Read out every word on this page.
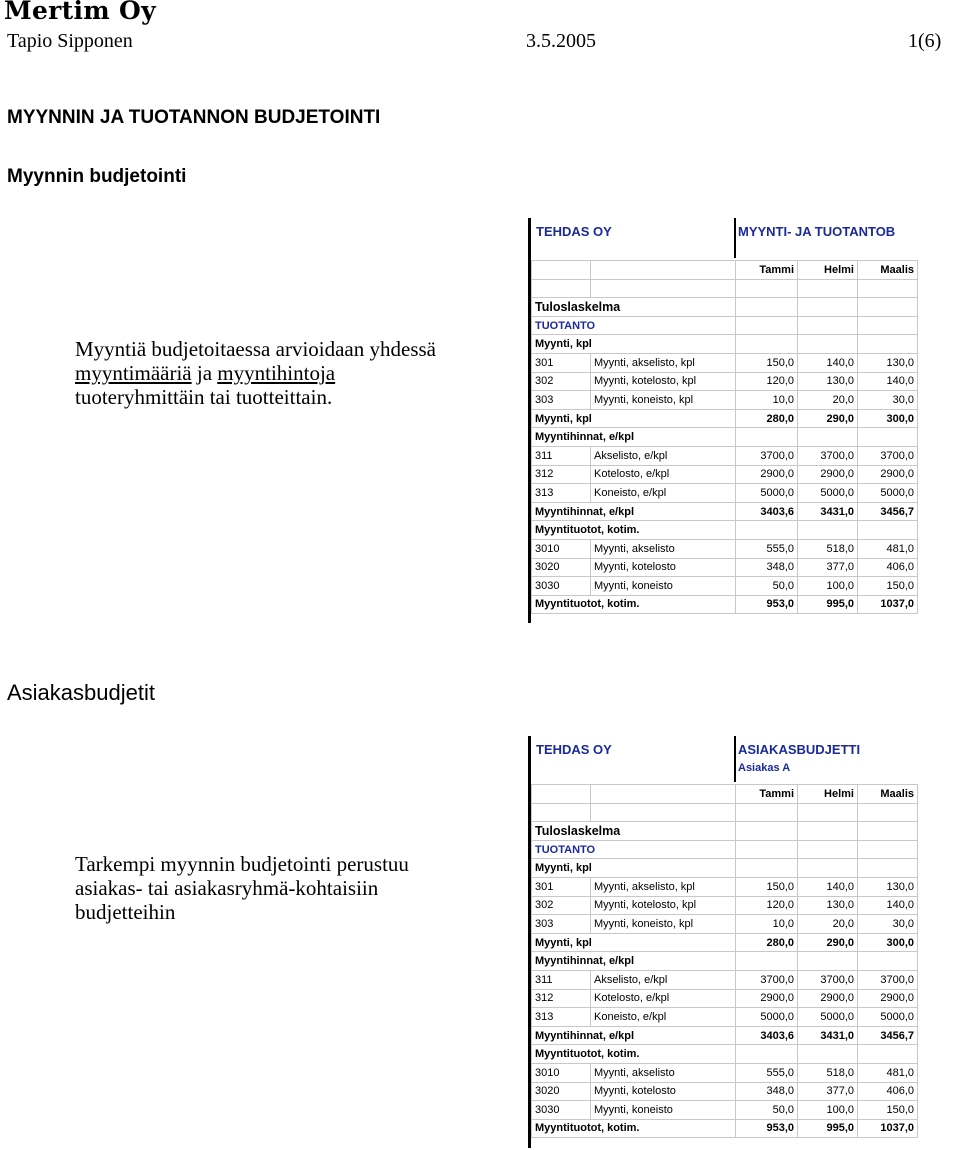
Mertim Oy
Tapio Sipponen	3.5.2005	1(6)
MYYNNIN JA TUOTANNON BUDJETOINTI
Myynnin budjetointi
Myyntiä budjetoitaessa arvioidaan yhdessä
myyntimääriä ja myyntihintoja
tuoteryhmittäin tai tuotteittain.
Asiakasbudjetit
Tarkempi myynnin budjetointi perustuu
asiakas- tai asiakasryhmä-kohtaisiin
budjetteihin
TEHDAS OY	MYYNTI- JA TUOTANTOB
		Tammi	Helmi	Maalis

Tuloslaskelma				
TUOTANTO				
Myynti, kpl				
301	Myynti, akselisto, kpl	150,0	140,0	130,0
302	Myynti, kotelosto, kpl	120,0	130,0	140,0
303	Myynti, koneisto, kpl	10,0	20,0	30,0
Myynti, kpl		280,0	290,0	300,0
Myyntihinnat, e/kpl				
311	Akselisto, e/kpl	3700,0	3700,0	3700,0
312	Kotelosto, e/kpl	2900,0	2900,0	2900,0
313	Koneisto, e/kpl	5000,0	5000,0	5000,0
Myyntihinnat, e/kpl		3403,6	3431,0	3456,7
Myyntituotot, kotim.				
3010	Myynti, akselisto	555,0	518,0	481,0
3020	Myynti, kotelosto	348,0	377,0	406,0
3030	Myynti, koneisto	50,0	100,0	150,0
Myyntituotot, kotim.		953,0	995,0	1037,0
TEHDAS OY	ASIAKASBUDJETTI
Asiakas A
		Tammi	Helmi	Maalis

Tuloslaskelma				
TUOTANTO				
Myynti, kpl				
301	Myynti, akselisto, kpl	150,0	140,0	130,0
302	Myynti, kotelosto, kpl	120,0	130,0	140,0
303	Myynti, koneisto, kpl	10,0	20,0	30,0
Myynti, kpl		280,0	290,0	300,0
Myyntihinnat, e/kpl				
311	Akselisto, e/kpl	3700,0	3700,0	3700,0
312	Kotelosto, e/kpl	2900,0	2900,0	2900,0
313	Koneisto, e/kpl	5000,0	5000,0	5000,0
Myyntihinnat, e/kpl		3403,6	3431,0	3456,7
Myyntituotot, kotim.				
3010	Myynti, akselisto	555,0	518,0	481,0
3020	Myynti, kotelosto	348,0	377,0	406,0
3030	Myynti, koneisto	50,0	100,0	150,0
Myyntituotot, kotim.		953,0	995,0	1037,0
